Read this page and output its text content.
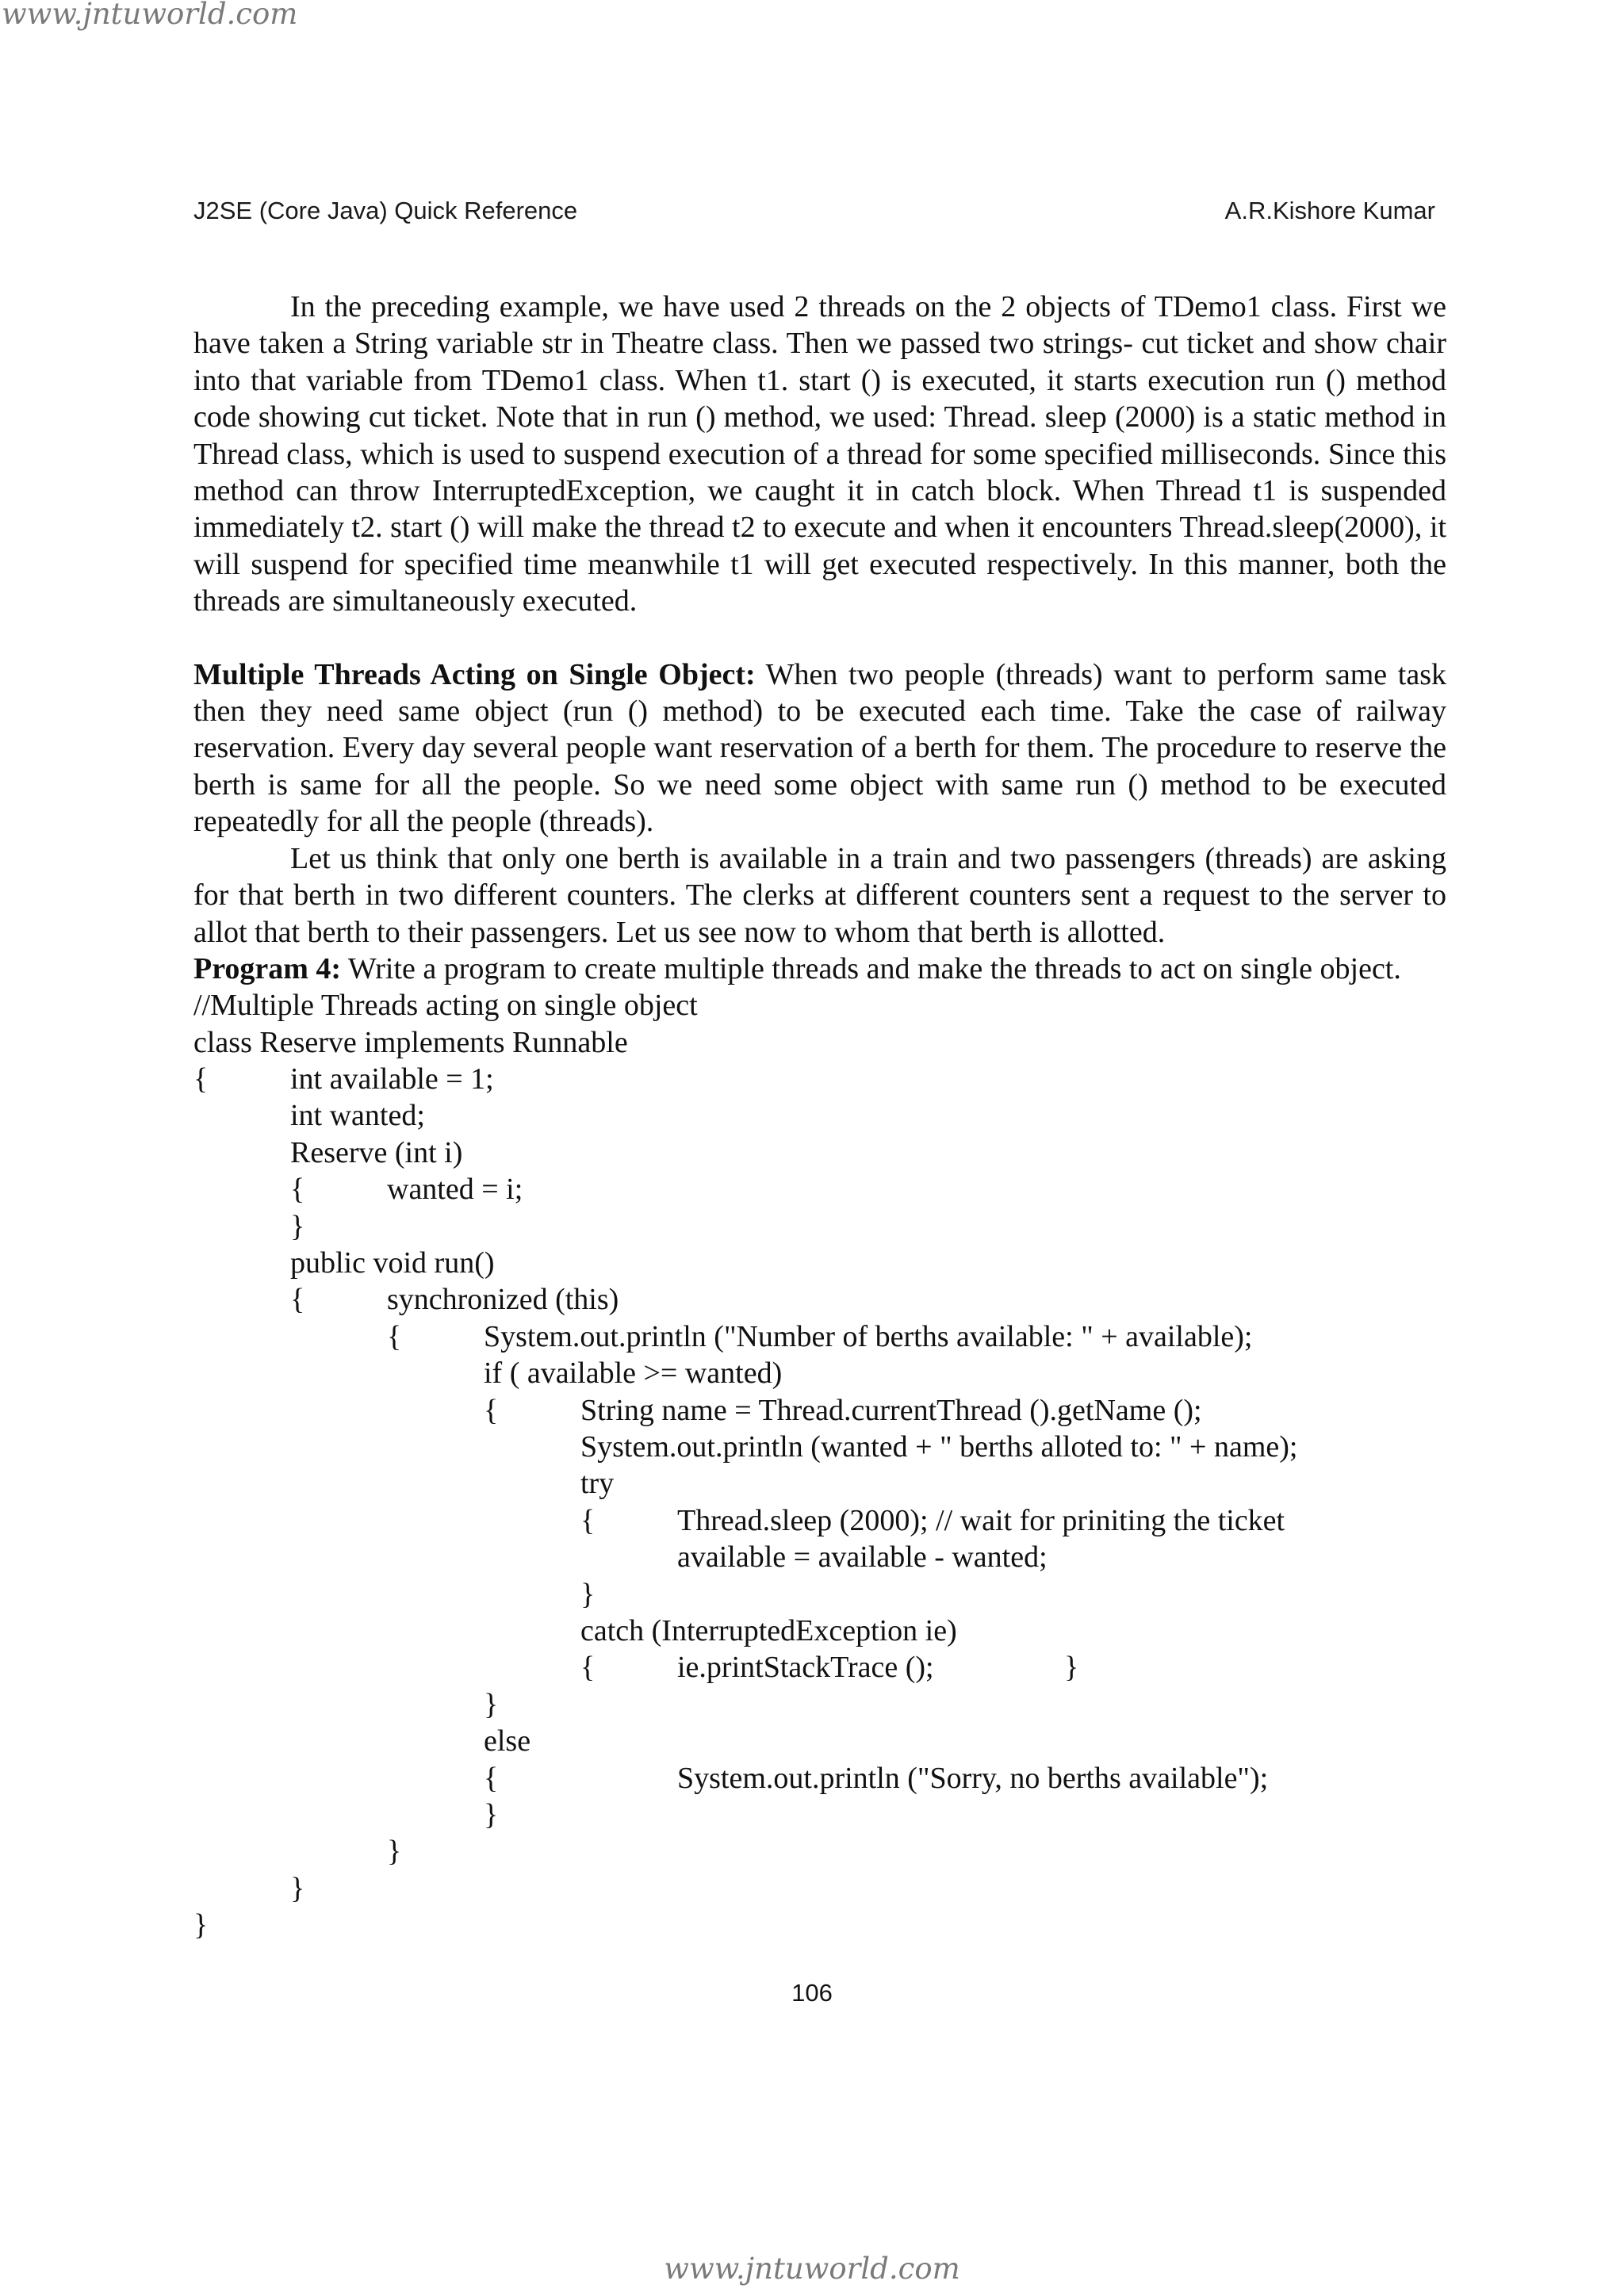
www.jntuworld.com
J2SE (Core Java) Quick Reference	A.R.Kishore Kumar

In the preceding example, we have used 2 threads on the 2 objects of TDemo1 class. First we have taken a String variable str in Theatre class. Then we passed two strings- cut ticket and show chair into that variable from TDemo1 class. When t1. start () is executed, it starts execution run () method code showing cut ticket. Note that in run () method, we used: Thread. sleep (2000) is a static method in Thread class, which is used to suspend execution of a thread for some specified milliseconds. Since this method can throw InterruptedException, we caught it in catch block. When Thread t1 is suspended immediately t2. start () will make the thread t2 to execute and when it encounters Thread.sleep(2000), it will suspend for specified time meanwhile t1 will get executed respectively. In this manner, both the threads are simultaneously executed.

Multiple Threads Acting on Single Object: When two people (threads) want to perform same task then they need same object (run () method) to be executed each time. Take the case of railway reservation. Every day several people want reservation of a berth for them. The procedure to reserve the berth is same for all the people. So we need some object with same run () method to be executed repeatedly for all the people (threads).

Let us think that only one berth is available in a train and two passengers (threads) are asking for that berth in two different counters. The clerks at different counters sent a request to the server to allot that berth to their passengers. Let us see now to whom that berth is allotted.

Program 4: Write a program to create multiple threads and make the threads to act on single object.

//Multiple Threads acting on single object
class Reserve implements Runnable
{	int available = 1;
int wanted;
Reserve (int i)
{	wanted = i;
}
public void run()
{	synchronized (this)
{	System.out.println ("Number of berths available: " + available);
if ( available >= wanted)
{	String name = Thread.currentThread ().getName ();
System.out.println (wanted + " berths alloted to: " + name);
try
{	Thread.sleep (2000); // wait for priniting the ticket
available = available - wanted;
}
catch (InterruptedException ie)
{	ie.printStackTrace ();	}
}
else
{	System.out.println ("Sorry, no berths available");
}
}
}
}
106
www.jntuworld.com
